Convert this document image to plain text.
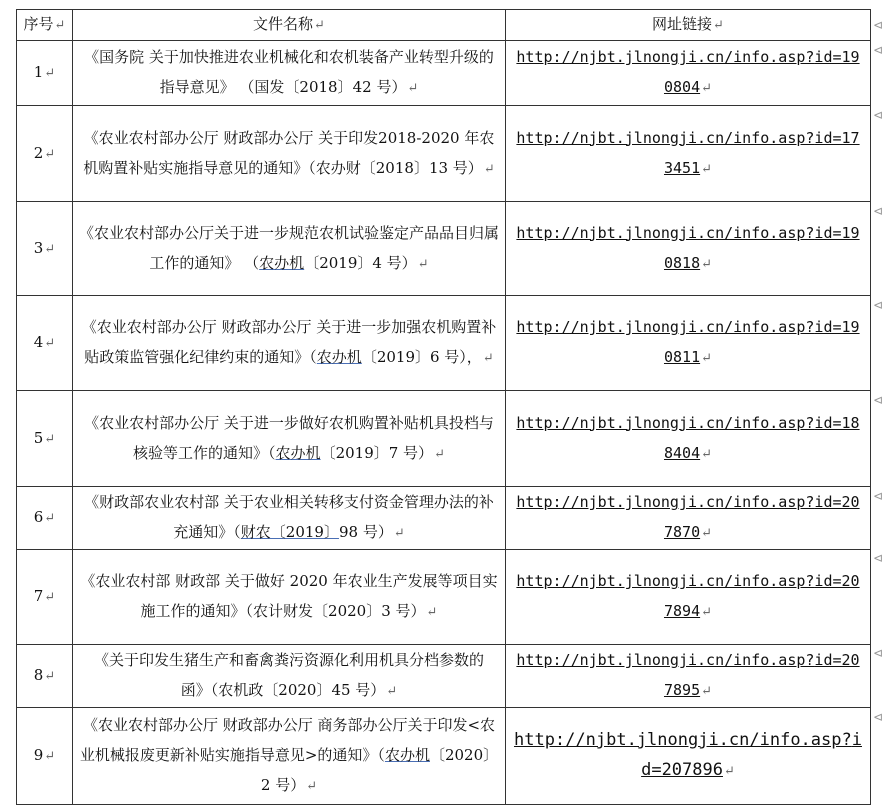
序号↵	文件名称↵	网址链接↵
1↵	《国务院 关于加快推进农业机械化和农机装备产业转型升级的指导意见》 （国发〔2018〕42 号）↵	http://njbt.jlnongji.cn/info.asp?id=190804↵
2↵	《农业农村部办公厅 财政部办公厅 关于印发2018-2020 年农机购置补贴实施指导意见的通知》（农办财〔2018〕13 号）↵	http://njbt.jlnongji.cn/info.asp?id=173451↵
3↵	《农业农村部办公厅关于进一步规范农机试验鉴定产品品目归属工作的通知》 （农办机〔2019〕4 号）↵	http://njbt.jlnongji.cn/info.asp?id=190818↵
4↵	《农业农村部办公厅 财政部办公厅 关于进一步加强农机购置补贴政策监管强化纪律约束的通知》（农办机〔2019〕6 号），↵	http://njbt.jlnongji.cn/info.asp?id=190811↵
5↵	《农业农村部办公厅 关于进一步做好农机购置补贴机具投档与核验等工作的通知》（农办机〔2019〕7 号）↵	http://njbt.jlnongji.cn/info.asp?id=188404↵
6↵	《财政部农业农村部 关于农业相关转移支付资金管理办法的补充通知》（财农〔2019〕98 号）↵	http://njbt.jlnongji.cn/info.asp?id=207870↵
7↵	《农业农村部 财政部 关于做好 2020 年农业生产发展等项目实施工作的通知》（农计财发〔2020〕3 号）↵	http://njbt.jlnongji.cn/info.asp?id=207894↵
8↵	《关于印发生猪生产和畜禽粪污资源化利用机具分档参数的函》（农机政〔2020〕45 号）↵	http://njbt.jlnongji.cn/info.asp?id=207895↵
9↵	《农业农村部办公厅 财政部办公厅 商务部办公厅关于印发<农业机械报废更新补贴实施指导意见>的通知》（农办机〔2020〕2 号）↵	http://njbt.jlnongji.cn/info.asp?id=207896↵
⊲
⊲
⊲
⊲
⊲
⊲
⊲
⊲
⊲
⊲
